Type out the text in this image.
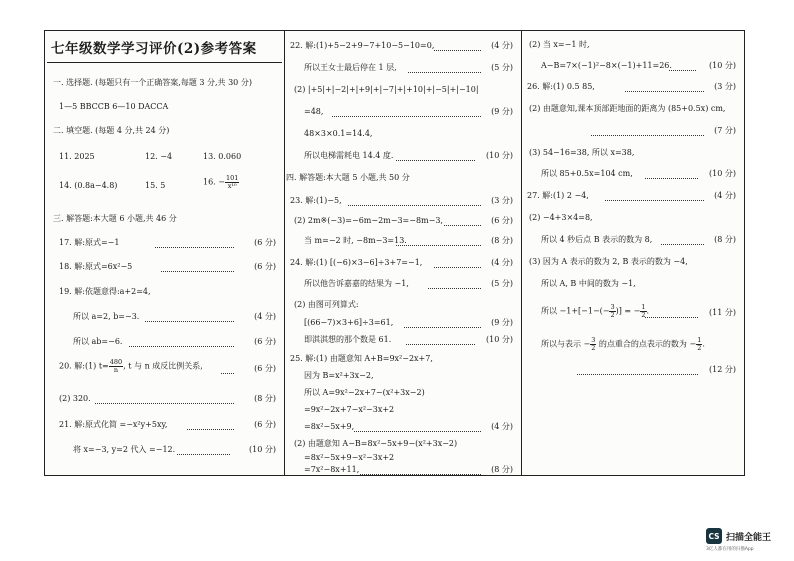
七年级数学学习评价(2)参考答案
一. 选择题. (每题只有一个正确答案,每题 3 分,共 30 分)
1—5 BBCCB 6—10 DACCA
二. 填空题. (每题 4 分,共 24 分)
11. 2025	12. −4	13. 0.060
14. (0.8a−4.8)	15. 5	16. − $\frac{101}{\text{x¹⁰}}$
三. 解答题:本大题 6 小题,共 46 分
17. 解:原式=−1	(6 分)
18. 解:原式=6x²−5	(6 分)
19. 解:依题意得:a+2=4,
所以 a=2, b=−3.	(4 分)
所以 ab=−6.	(6 分)
20. 解:(1) $t= \frac{480}{n}$ , t 与 n 成反比例关系,	(6 分)
(2) 320.	(8 分)
21. 解:原式化简 =−x²y+5xy,	(6 分)
将 x=−3, y=2 代入 =−12.	(10 分)
22. 解:(1)+5−2+9−7+10−5−10=0,	(4 分)
所以王女士最后停在 1 层,	(5 分)
(2) |+5|+|−2|+|+9|+|−7|+|+10|+|−5|+|−10|
=48,	(9 分)
48×3×0.1=14.4,
所以电梯需耗电 14.4 度.	(10 分)
四. 解答题:本大题 5 小题,共 50 分
23. 解:(1)−5,	(3 分)
(2) 2m※(−3)=−6m−2m−3=−8m−3,	(6 分)
当 m=−2 时, −8m−3=13.	(8 分)
24. 解:(1) [(−6)×3−6]÷3+7=−1,	(4 分)
所以他告诉嘉嘉的结果为 −1,	(5 分)
(2) 由图可列算式:
[(66−7)×3+6]÷3=61,	(9 分)
即淇淇想的那个数是 61.	(10 分)
25. 解:(1) 由题意知 A+B=9x²−2x+7,
因为 B=x²+3x−2,
所以 A=9x²−2x+7−(x²+3x−2)
=9x²−2x+7−x²−3x+2
=8x²−5x+9,	(4 分)
(2) 由题意知 A−B=8x²−5x+9−(x²+3x−2)
=8x²−5x+9−x²−3x+2
=7x²−8x+11,	(8 分)
(2) 当 x=−1 时,
A−B=7×(−1)²−8×(−1)+11=26.	(10 分)
26. 解:(1) 0.5 85,	(3 分)
(2) 由题意知,课本顶部距地面的距离为 (85+0.5x) cm,
(7 分)
(3) 54−16=38, 所以 x=38,
所以 85+0.5x=104 cm,	(10 分)
27. 解:(1) 2 −4,	(4 分)
(2) −4+3×4=8,
所以 4 秒后点 B 表示的数为 8,	(8 分)
(3) 因为 A 表示的数为 2, B 表示的数为 −4,
所以 A, B 中间的数为 −1,
所以 $-1+[-1-(- \frac{3}{2}$ )] = − $\frac{1}{2}$ .	(11 分)
所以与表示 − $\frac{3}{2}$ 的点重合的点表示的数为 − $\frac{1}{2}$ .
(12 分)
CS 扫描全能王
3亿人都在用的扫描App
